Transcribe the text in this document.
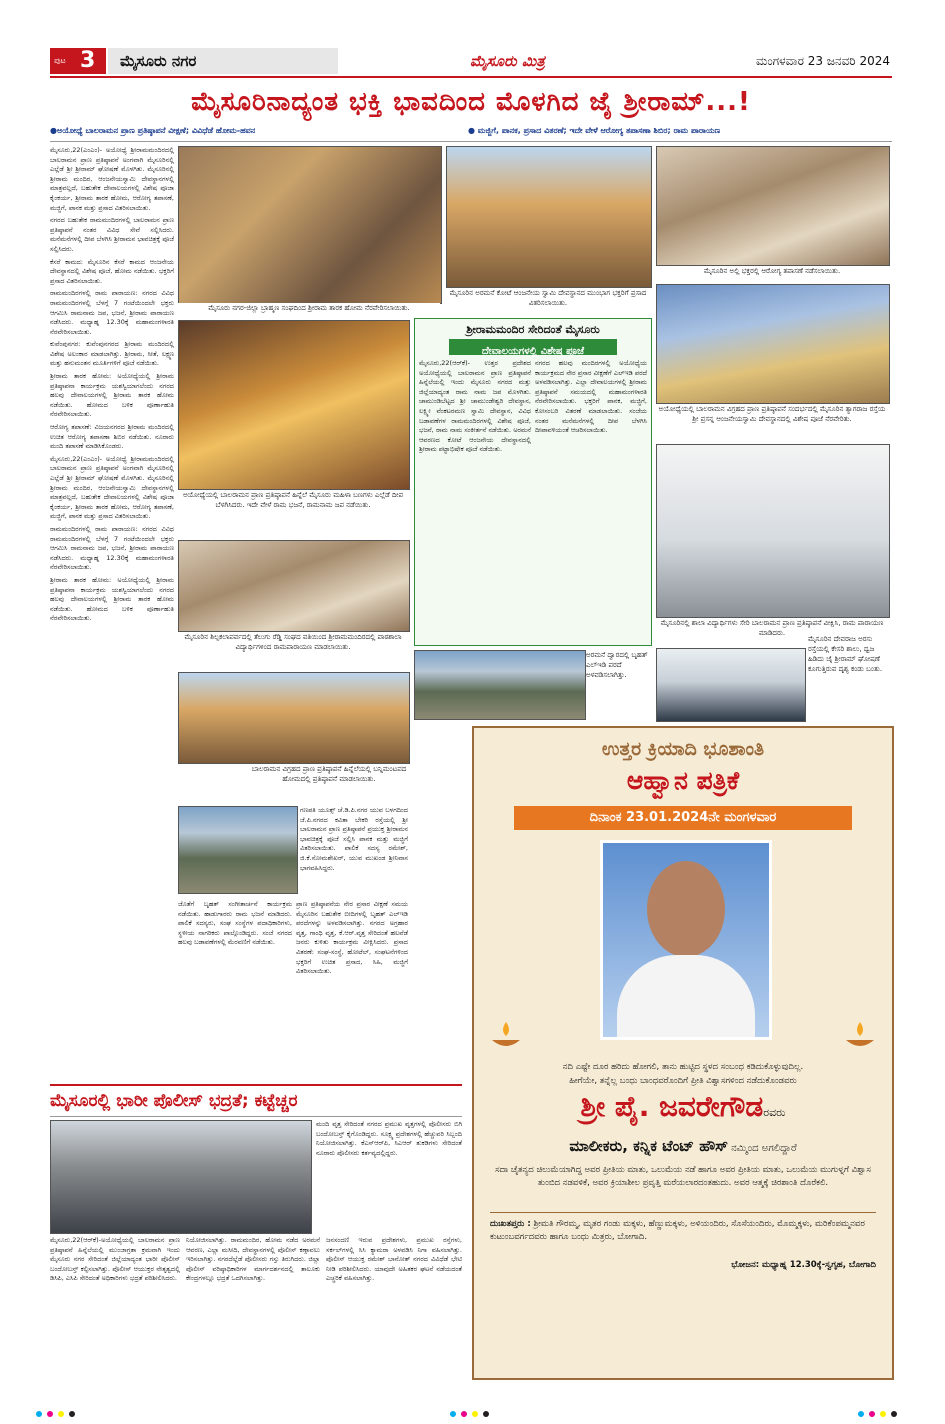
ಪುಟ 3 ಮೈಸೂರು ನಗರ	ಮೈಸೂರು ಮಿತ್ರ	ಮಂಗಳವಾರ 23 ಜನವರಿ 2024
ಮೈಸೂರಿನಾದ್ಯಂತ ಭಕ್ತಿ ಭಾವದಿಂದ ಮೊಳಗಿದ ಜೈ ಶ್ರೀರಾಮ್...!
●ಅಯೋಧ್ಯೆ ಬಾಲರಾಮನ ಪ್ರಾಣ ಪ್ರತಿಷ್ಠಾಪನೆ ವೀಕ್ಷಣೆ; ವಿವಿಧೆಡೆ ಹೋಮ-ಹವನ	● ಮಜ್ಜಿಗೆ, ಪಾನಕ, ಪ್ರಸಾದ ವಿತರಣೆ; ಇದೇ ವೇಳೆ ಆರೋಗ್ಯ ತಪಾಸಣಾ ಶಿಬಿರ; ರಾಮ ಪಾರಾಯಣ

ಮೈಸೂರು,22(ಎಂಎಂ)- ಅಯೋಧ್ಯೆ ಶ್ರೀರಾಮಮಂದಿರದಲ್ಲಿ ಬಾಲರಾಮನ ಪ್ರಾಣ ಪ್ರತಿಷ್ಠಾಪನೆ ಅಂಗವಾಗಿ ಮೈಸೂರಿನಲ್ಲಿ ಎಲ್ಲೆಡೆ ಶ್ರೀ ಶ್ರೀರಾಮ್ ಘೋಷಣೆ ಮೊಳಗಿತು. ಮೈಸೂರಿನಲ್ಲಿ ಶ್ರೀರಾಮ ಮಂದಿರ, ಆಂಜನೇಯಸ್ವಾಮಿ ದೇವಸ್ಥಾನಗಳಲ್ಲಿ ಮಾತ್ರವಲ್ಲದೆ, ಬಹುತೇಕ ದೇವಾಲಯಗಳಲ್ಲಿ ವಿಶೇಷ ಪೂಜಾ ಕೈಂಕರ್ಯ, ಶ್ರೀರಾಮ ತಾರಕ ಹೋಮ, ಆರೋಗ್ಯ ತಪಾಸಣೆ, ಮಜ್ಜಿಗೆ, ಪಾನಕ ಮತ್ತು ಪ್ರಸಾದ ವಿತರಿಸಲಾಯಿತು.

ನಗರದ ಬಹುತೇಕ ರಾಮಮಂದಿರಗಳಲ್ಲಿ ಬಾಲರಾಮನ ಪ್ರಾಣ ಪ್ರತಿಷ್ಠಾಪನೆ ನಂತರ ವಿವಿಧ ಸೇವೆ ಸಲ್ಲಿಸಿದರು. ಮನೆಮನೆಗಳಲ್ಲಿ ದೀಪ ಬೆಳಗಿಸಿ ಶ್ರೀರಾಮನ ಭಾವಚಿತ್ರಕ್ಕೆ ಪೂಜೆ ಸಲ್ಲಿಸಿದರು.

ಕೆಸರೆ ಕಾಮದ: ಮೈಸೂರಿನ ಕೆಸರೆ ಕಾಮದ ಆಂಜನೇಯ ದೇವಸ್ಥಾನದಲ್ಲಿ ವಿಶೇಷ ಪೂಜೆ, ಹೋಮ ನಡೆಯಿತು. ಭಕ್ತರಿಗೆ ಪ್ರಸಾದ ವಿತರಿಸಲಾಯಿತು.

ರಾಮಮಂದಿರಗಳಲ್ಲಿ ರಾಮ ಪಾರಾಯಣ: ನಗರದ ವಿವಿಧ ರಾಮಮಂದಿರಗಳಲ್ಲಿ ಬೆಳಗ್ಗೆ 7 ಗಂಟೆಯಿಂದಲೇ ಭಕ್ತರು ಆಗಮಿಸಿ ರಾಮನಾಮ ಜಪ, ಭಜನೆ, ಶ್ರೀರಾಮ ಪಾರಾಯಣ ನಡೆಸಿದರು. ಮಧ್ಯಾಹ್ನ 12.30ಕ್ಕೆ ಮಹಾಮಂಗಳಾರತಿ ನೆರವೇರಿಸಲಾಯಿತು.

ಕುವೆಂಪುನಗರ: ಕುವೆಂಪುನಗರದ ಶ್ರೀರಾಮ ಮಂದಿರದಲ್ಲಿ ವಿಶೇಷ ಅಲಂಕಾರ ಮಾಡಲಾಗಿತ್ತು. ಶ್ರೀರಾಮ, ಸೀತೆ, ಲಕ್ಷ್ಮಣ ಮತ್ತು ಹನುಮಂತನ ಮೂರ್ತಿಗಳಿಗೆ ಪೂಜೆ ನಡೆಯಿತು.

ಶ್ರೀರಾಮ ತಾರಕ ಹೋಮ: ಅಯೋಧ್ಯೆಯಲ್ಲಿ ಶ್ರೀರಾಮ ಪ್ರತಿಷ್ಠಾಪನಾ ಕಾರ್ಯಕ್ರಮ ಯಶಸ್ವಿಯಾಗಲೆಂದು ನಗರದ ಹಲವು ದೇವಾಲಯಗಳಲ್ಲಿ ಶ್ರೀರಾಮ ತಾರಕ ಹೋಮ ನಡೆಯಿತು. ಹೋಮದ ಬಳಿಕ ಪೂರ್ಣಾಹುತಿ ನೆರವೇರಿಸಲಾಯಿತು.

ಆರೋಗ್ಯ ತಪಾಸಣೆ: ವಿಜಯನಗರದ ಶ್ರೀರಾಮ ಮಂದಿರದಲ್ಲಿ ಉಚಿತ ಆರೋಗ್ಯ ತಪಾಸಣಾ ಶಿಬಿರ ನಡೆಯಿತು. ನೂರಾರು ಮಂದಿ ತಪಾಸಣೆ ಮಾಡಿಸಿಕೊಂಡರು.

ಮೈಸೂರು,22(ಎಂಎಂ)- ಅಯೋಧ್ಯೆ ಶ್ರೀರಾಮಮಂದಿರದಲ್ಲಿ ಬಾಲರಾಮನ ಪ್ರಾಣ ಪ್ರತಿಷ್ಠಾಪನೆ ಅಂಗವಾಗಿ ಮೈಸೂರಿನಲ್ಲಿ ಎಲ್ಲೆಡೆ ಶ್ರೀ ಶ್ರೀರಾಮ್ ಘೋಷಣೆ ಮೊಳಗಿತು. ಮೈಸೂರಿನಲ್ಲಿ ಶ್ರೀರಾಮ ಮಂದಿರ, ಆಂಜನೇಯಸ್ವಾಮಿ ದೇವಸ್ಥಾನಗಳಲ್ಲಿ ಮಾತ್ರವಲ್ಲದೆ, ಬಹುತೇಕ ದೇವಾಲಯಗಳಲ್ಲಿ ವಿಶೇಷ ಪೂಜಾ ಕೈಂಕರ್ಯ, ಶ್ರೀರಾಮ ತಾರಕ ಹೋಮ, ಆರೋಗ್ಯ ತಪಾಸಣೆ, ಮಜ್ಜಿಗೆ, ಪಾನಕ ಮತ್ತು ಪ್ರಸಾದ ವಿತರಿಸಲಾಯಿತು.

ರಾಮಮಂದಿರಗಳಲ್ಲಿ ರಾಮ ಪಾರಾಯಣ: ನಗರದ ವಿವಿಧ ರಾಮಮಂದಿರಗಳಲ್ಲಿ ಬೆಳಗ್ಗೆ 7 ಗಂಟೆಯಿಂದಲೇ ಭಕ್ತರು ಆಗಮಿಸಿ ರಾಮನಾಮ ಜಪ, ಭಜನೆ, ಶ್ರೀರಾಮ ಪಾರಾಯಣ ನಡೆಸಿದರು. ಮಧ್ಯಾಹ್ನ 12.30ಕ್ಕೆ ಮಹಾಮಂಗಳಾರತಿ ನೆರವೇರಿಸಲಾಯಿತು.

ಶ್ರೀರಾಮ ತಾರಕ ಹೋಮ: ಅಯೋಧ್ಯೆಯಲ್ಲಿ ಶ್ರೀರಾಮ ಪ್ರತಿಷ್ಠಾಪನಾ ಕಾರ್ಯಕ್ರಮ ಯಶಸ್ವಿಯಾಗಲೆಂದು ನಗರದ ಹಲವು ದೇವಾಲಯಗಳಲ್ಲಿ ಶ್ರೀರಾಮ ತಾರಕ ಹೋಮ ನಡೆಯಿತು. ಹೋಮದ ಬಳಿಕ ಪೂರ್ಣಾಹುತಿ ನೆರವೇರಿಸಲಾಯಿತು.

ಮೈಸೂರು ನಗರ-ಜಿಲ್ಲಾ ಬ್ರಾಹ್ಮಣ ಸಂಘದಿಂದ ಶ್ರೀರಾಮ ತಾರಕ ಹೋಮ ನೆರವೇರಿಸಲಾಯಿತು.
ಮೈಸೂರಿನ ಅರಮನೆ ಕೋಟೆ ಆಂಜನೇಯ ಸ್ವಾಮಿ ದೇವಸ್ಥಾನದ ಮುಂಭಾಗ ಭಕ್ತರಿಗೆ ಪ್ರಸಾದ ವಿತರಿಸಲಾಯಿತು.
ಮೈಸೂರಿನ ಅಲ್ಲಿ ಭಕ್ತರಲ್ಲಿ ಆರೋಗ್ಯ ತಪಾಸಣೆ ನಡೆಸಲಾಯಿತು.
ಅಯೋಧ್ಯೆಯಲ್ಲಿ ಬಾಲರಾಮನ ವಿಗ್ರಹದ ಪ್ರಾಣ ಪ್ರತಿಷ್ಠಾಪನೆ ಸಂದರ್ಭದಲ್ಲಿ ಮೈಸೂರಿನ ತ್ಯಾಗರಾಜ ರಸ್ತೆಯ ಶ್ರೀ ಪ್ರಸನ್ನ ಆಂಜನೇಯಸ್ವಾಮಿ ದೇವಸ್ಥಾನದಲ್ಲಿ ವಿಶೇಷ ಪೂಜೆ ನೆರವೇರಿತು.
ಅಯೋಧ್ಯೆಯಲ್ಲಿ ಬಾಲರಾಮನ ಪ್ರಾಣ ಪ್ರತಿಷ್ಠಾಪನೆ ಹಿನ್ನೆಲೆ ಮೈಸೂರು ಮಹಿಳಾ ಬಣಗಳು ಎಲ್ಲೆಡೆ ದೀಪ ಬೆಳಗಿಸಿದರು. ಇದೇ ವೇಳೆ ರಾಮ ಭಜನೆ, ರಾಮನಾಮ ಜಪ ನಡೆಯಿತು.
ಶ್ರೀರಾಮಮಂದಿರ ಸೇರಿದಂತೆ ಮೈಸೂರು
ದೇವಾಲಯಗಳಲ್ಲಿ ವಿಶೇಷ ಪೂಜೆ
ಮೈಸೂರು,22(ಆರ್‌ಕೆ)- ಉತ್ತರ ಪ್ರದೇಶದ ಅಯೋಧ್ಯೆಯಲ್ಲಿ ಬಾಲರಾಮನ ಪ್ರಾಣ ಪ್ರತಿಷ್ಠಾಪನೆ ಹಿನ್ನೆಲೆಯಲ್ಲಿ ಇಂದು ಮೈಸೂರು ನಗರದ ಮತ್ತು ಜಿಲ್ಲೆಯಾದ್ಯಂತ ರಾಮ ನಾಮ ಜಪ ಮೊಳಗಿತು. ಚಾಮುಂಡಿಬೆಟ್ಟದ ಶ್ರೀ ಚಾಮುಂಡೇಶ್ವರಿ ದೇವಸ್ಥಾನ, ಲಕ್ಷ್ಮೀ ವೆಂಕಟರಮಣ ಸ್ವಾಮಿ ದೇವಸ್ಥಾನ, ವಿವಿಧ ಬಡಾವಣೆಗಳ ರಾಮಮಂದಿರಗಳಲ್ಲಿ ವಿಶೇಷ ಪೂಜೆ, ಭಜನೆ, ರಾಮ ನಾಮ ಸಂಕೀರ್ತನೆ ನಡೆಯಿತು. ಅರಮನೆ ಆವರಣದ ಕೋಟೆ ಆಂಜನೇಯ ದೇವಸ್ಥಾನದಲ್ಲಿ ಶ್ರೀರಾಮ ಪಟ್ಟಾಭಿಷೇಕ ಪೂಜೆ ನಡೆಯಿತು.
ನಗರದ ಹಲವು ಮಂದಿರಗಳಲ್ಲಿ ಅಯೋಧ್ಯೆಯ ಕಾರ್ಯಕ್ರಮದ ನೇರ ಪ್ರಸಾರ ವೀಕ್ಷಣೆಗೆ ಎಲ್‌ಇಡಿ ಪರದೆ ಅಳವಡಿಸಲಾಗಿತ್ತು. ಎಲ್ಲಾ ದೇವಾಲಯಗಳಲ್ಲಿ ಶ್ರೀರಾಮ ಪ್ರತಿಷ್ಠಾಪನೆ ಸಮಯದಲ್ಲಿ ಮಹಾಮಂಗಳಾರತಿ ನೆರವೇರಿಸಲಾಯಿತು. ಭಕ್ತರಿಗೆ ಪಾನಕ, ಮಜ್ಜಿಗೆ, ಕೋಸಂಬರಿ ವಿತರಣೆ ಮಾಡಲಾಯಿತು. ಸಂಜೆಯ ನಂತರ ಮನೆಮನೆಗಳಲ್ಲಿ ದೀಪ ಬೆಳಗಿಸಿ ದೀಪಾವಳಿಯಂತೆ ಆಚರಿಸಲಾಯಿತು.
ಮೈಸೂರಿನಲ್ಲಿ ಶಾಲಾ ವಿದ್ಯಾರ್ಥಿಗಳು ಸೇರಿ ಬಾಲರಾಮನ ಪ್ರಾಣ ಪ್ರತಿಷ್ಠಾಪನೆ ವೀಕ್ಷಿಸಿ, ರಾಮ ಪಾರಾಯಣ ಮಾಡಿದರು.
ಮೈಸೂರಿನ ಶಿಲ್ಪಕಲಾಪರ್ವದಲ್ಲಿ ತೆಲುಗು ರೆಡ್ಡಿ ಸಂಘದ ವತಿಯಿಂದ ಶ್ರೀರಾಮಮಂದಿರದಲ್ಲಿ ಪಾಠಶಾಲಾ ವಿದ್ಯಾರ್ಥಿಗಳಿಂದ ರಾಮಪಾರಾಯಣ ಮಾಡಲಾಯಿತು.
ಅರಮನೆ ದ್ವಾರದಲ್ಲಿ ಬೃಹತ್ ಎಲ್‌ಇಡಿ ಪರದೆ ಅಳವಡಿಸಲಾಗಿತ್ತು.
ಮೈಸೂರಿನ ದೇವರಾಜ ಅರಸು ರಸ್ತೆಯಲ್ಲಿ ಕೇಸರಿ ಶಾಲು, ಧ್ವಜ ಹಿಡಿದು ಜೈ ಶ್ರೀರಾಮ್ ಘೋಷಣೆ ಕೂಗುತ್ತಿರುವ ದೃಶ್ಯ ಕಂಡು ಬಂತು.
ಬಾಲರಾಮನ ವಿಗ್ರಹದ ಪ್ರಾಣ ಪ್ರತಿಷ್ಠಾಪನೆ ಹಿನ್ನೆಲೆಯಲ್ಲಿ ಬನ್ನಿಮಂಟಪದ ಹೋಮದಲ್ಲಿ ಪ್ರತಿಷ್ಠಾಪನೆ ಮಾಡಲಾಯಿತು.
ಗಣಪತಿ ಯೂತ್ಸ್ ಚೆ.ಡಿ.ಪಿ.ನಗರ ಯುವ ಬಳಗದಿಂದ ಜೆ.ಪಿ.ನಗರದ ಕವಿತಾ ಬೇಕರಿ ರಸ್ತೆಯಲ್ಲಿ ಶ್ರೀ ಬಾಲರಾಮನ ಪ್ರಾಣ ಪ್ರತಿಷ್ಠಾಪನೆ ಪ್ರಯುಕ್ತ ಶ್ರೀರಾಮನ ಭಾವಚಿತ್ರಕ್ಕೆ ಪೂಜೆ ಸಲ್ಲಿಸಿ ಪಾನಕ ಮತ್ತು ಮಜ್ಜಿಗೆ ವಿತರಿಸಲಾಯಿತು. ಪಾಲಿಕೆ ಸದಸ್ಯ ರಮೇಶ್, ಜಿ.ಕೆ.ಸೋಮಶೇಖರ್, ಯುವ ಮುಖಂಡ ಶ್ರೀನಿವಾಸ ಭಾಗವಹಿಸಿದ್ದರು.
ಪ್ರಾಣ ಪ್ರತಿಷ್ಠಾಪನೆಯ ನೇರ ಪ್ರಸಾರ ವೀಕ್ಷಣೆ ಸಮಯ ಮೈಸೂರಿನ ಬಹುತೇಕ ಬೀದಿಗಳಲ್ಲಿ ಬೃಹತ್ ಎಲ್‌ಇಡಿ ಪರದೆಗಳನ್ನು ಅಳವಡಿಸಲಾಗಿತ್ತು. ನಗರದ ಅಗ್ರಹಾರ ವೃತ್ತ, ಗಾಂಧಿ ವೃತ್ತ, ಕೆ.ಆರ್.ವೃತ್ತ ಸೇರಿದಂತೆ ಹಲವೆಡೆ ಜನರು ಕುಳಿತು ಕಾರ್ಯಕ್ರಮ ವೀಕ್ಷಿಸಿದರು. ಪ್ರಸಾದ ವಿತರಣೆ: ಸಂಘ-ಸಂಸ್ಥೆ, ಹೋಟೆಲ್, ಸಂಘಟನೆಗಳಿಂದ ಭಕ್ತರಿಗೆ ಉಚಿತ ಪ್ರಸಾದ, ಸಿಹಿ, ಮಜ್ಜಿಗೆ ವಿತರಿಸಲಾಯಿತು.
ಜೊತೆಗೆ ಬೃಹತ್ ಸಂಗೀತಾರ್ಚನೆ ಕಾರ್ಯಕ್ರಮ ನಡೆಯಿತು. ಹಾಡುಗಾರರು ರಾಮ ಭಜನೆ ಮಾಡಿದರು. ಪಾಲಿಕೆ ಸದಸ್ಯರು, ಸಂಘ ಸಂಸ್ಥೆಗಳ ಪದಾಧಿಕಾರಿಗಳು, ಸ್ಥಳೀಯ ನಾಗರಿಕರು ಪಾಲ್ಗೊಂಡಿದ್ದರು. ಸಂಜೆ ನಗರದ ಹಲವು ಬಡಾವಣೆಗಳಲ್ಲಿ ಮೆರವಣಿಗೆ ನಡೆಯಿತು.
ಮೈಸೂರಲ್ಲಿ ಭಾರೀ ಪೊಲೀಸ್ ಭದ್ರತೆ; ಕಟ್ಟೆಚ್ಚರ
ಮಂದಿ ವೃತ್ತ ಸೇರಿದಂತೆ ನಗರದ ಪ್ರಮುಖ ವೃತ್ತಗಳಲ್ಲಿ ಪೊಲೀಸರು ಬಿಗಿ ಬಂದೋಬಸ್ತ್ ಕೈಗೊಂಡಿದ್ದರು. ಸೂಕ್ಷ್ಮ ಪ್ರದೇಶಗಳಲ್ಲಿ ಹೆಚ್ಚುವರಿ ಸಿಬ್ಬಂದಿ ನಿಯೋಜಿಸಲಾಗಿತ್ತು. ಕೆಎಸ್‌ಆರ್‌ಪಿ, ಸಿಎಆರ್ ತುಕಡಿಗಳು ಸೇರಿದಂತೆ ನೂರಾರು ಪೊಲೀಸರು ಕರ್ತವ್ಯದಲ್ಲಿದ್ದರು.
ಮೈಸೂರು,22(ಆರ್‌ಕೆ)-ಅಯೋಧ್ಯೆಯಲ್ಲಿ ಬಾಲರಾಮನ ಪ್ರಾಣ ಪ್ರತಿಷ್ಠಾಪನೆ ಹಿನ್ನೆಲೆಯಲ್ಲಿ ಮುಂಜಾಗ್ರತಾ ಕ್ರಮವಾಗಿ ಇಂದು ಮೈಸೂರು ನಗರ ಸೇರಿದಂತೆ ಜಿಲ್ಲೆಯಾದ್ಯಂತ ಭಾರೀ ಪೊಲೀಸ್ ಬಂದೋಬಸ್ತ್ ಕಲ್ಪಿಸಲಾಗಿತ್ತು. ಪೊಲೀಸ್ ಆಯುಕ್ತರ ನೇತೃತ್ವದಲ್ಲಿ ಡಿಸಿಪಿ, ಎಸಿಪಿ ಸೇರಿದಂತೆ ಅಧಿಕಾರಿಗಳು ಭದ್ರತೆ ಪರಿಶೀಲಿಸಿದರು.
ನಿಯೋಜಿಸಲಾಗಿತ್ತು. ರಾಮಮಂದಿರ, ಹೋಮ ನಡೆದ ಅರಮನೆ ಆವರಣ, ಎಲ್ಲಾ ಮಸೀದಿ, ದೇವಸ್ಥಾನಗಳಲ್ಲಿ ಪೊಲೀಸ್ ಕಣ್ಗಾವಲು ಇರಿಸಲಾಗಿತ್ತು. ನಗರದೆಲ್ಲೆಡೆ ಪೊಲೀಸರು ಗಸ್ತು ತಿರುಗಿದರು. ಜಿಲ್ಲಾ ಪೊಲೀಸ್ ವರಿಷ್ಠಾಧಿಕಾರಿಗಳ ಮಾರ್ಗದರ್ಶನದಲ್ಲಿ ತಾಲೂಕು ಕೇಂದ್ರಗಳಲ್ಲೂ ಭದ್ರತೆ ಒದಗಿಸಲಾಗಿತ್ತು.
ಜನಸಂದಣಿ ಇರುವ ಪ್ರದೇಶಗಳು, ಪ್ರಮುಖ ರಸ್ತೆಗಳು, ಸರ್ಕಲ್‌ಗಳಲ್ಲಿ ಸಿಸಿ ಕ್ಯಾಮರಾ ಅಳವಡಿಸಿ ನಿಗಾ ವಹಿಸಲಾಗಿತ್ತು. ಪೊಲೀಸ್ ಆಯುಕ್ತ ರಮೇಶ್ ಬಾನೋತ್ ನಗರದ ವಿವಿಧೆಡೆ ಭೇಟಿ ನೀಡಿ ಪರಿಶೀಲಿಸಿದರು. ಯಾವುದೇ ಅಹಿತಕರ ಘಟನೆ ನಡೆಯದಂತೆ ಎಚ್ಚರಿಕೆ ವಹಿಸಲಾಗಿತ್ತು.
ಉತ್ತರ ಕ್ರಿಯಾದಿ ಭೂಶಾಂತಿ
ಆಹ್ವಾನ ಪತ್ರಿಕೆ
ದಿನಾಂಕ 23.01.2024ನೇ ಮಂಗಳವಾರ
ನದಿ ಎಷ್ಟೇ ದೂರ ಹರಿದು ಹೋಗಲಿ, ತಾನು ಹುಟ್ಟಿದ ಸ್ಥಳದ ಸಂಬಂಧ ಕಡಿದುಕೊಳ್ಳುವುದಿಲ್ಲ.
ಹೀಗೆಯೇ, ತನ್ನೆಲ್ಲ ಬಂಧು ಬಾಂಧವರೊಂದಿಗೆ ಪ್ರೀತಿ ವಿಶ್ವಾಸಗಳಿಂದ ನಡೆದುಕೊಂಡವರು
ಶ್ರೀ ಪೈ. ಜವರೇಗೌಡರವರು
ಮಾಲೀಕರು, ಕನ್ನಿಕ ಟೆಂಟ್ ಹೌಸ್ ನಮ್ಮಿಂದ ಅಗಲಿದ್ದಾರೆ
ಸದಾ ಚೈತನ್ಯದ ಚಿಲುಮೆಯಾಗಿದ್ದ ಅವರ ಪ್ರೀತಿಯ ಮಾತು, ಒಲುಮೆಯ ನಡೆ ಹಾಗೂ ಅವರ ಪ್ರೀತಿಯ ಮಾತು, ಒಲುಮೆಯ ಮುಗುಳ್ನಗೆ ವಿಶ್ವಾಸ ತುಂಬಿದ ನಡವಳಿಕೆ, ಅವರ ಕ್ರಿಯಾಶೀಲ ಪ್ರವೃತ್ತಿ ಮರೆಯಲಾರದಂತಹುದು. ಅವರ ಆತ್ಮಕ್ಕೆ ಚಿರಶಾಂತಿ ದೊರೆಕಲಿ.
ದುಃಖತಪ್ತರು : ಶ್ರೀಮತಿ ಗೌರಮ್ಮ, ಮೃತರ ಗಂಡು ಮಕ್ಕಳು, ಹೆಣ್ಣುಮಕ್ಕಳು, ಅಳಿಯಂದಿರು, ಸೊಸೆಯಂದಿರು, ಮೊಮ್ಮಕ್ಕಳು, ಮರಿಕೆಂಪಮ್ಮನವರ ಕುಟುಂಬವರ್ಗದವರು ಹಾಗೂ ಬಂಧು ಮಿತ್ರರು, ಬೋಗಾದಿ.
ಭೋಜನ: ಮಧ್ಯಾಹ್ನ 12.30ಕ್ಕೆ-ಸ್ವಗೃಹ, ಬೋಗಾದಿ
